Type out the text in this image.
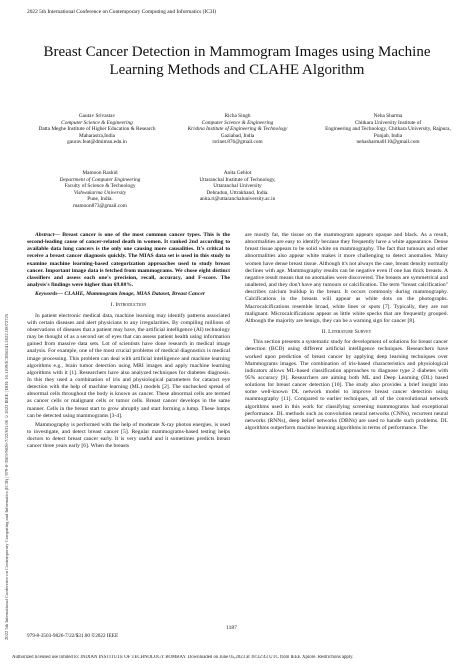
2022 5th International Conference on Contemporary Computing and Informatics (IC3I)
2022 5th International Conference on Contemporary Computing and Informatics (IC3I) | 979-8-3503-9826-7/22/$31.00 ©2022 IEEE | DOI: 10.1109/IC3I56241.2022.10072725
Breast Cancer Detection in Mammogram Images using Machine Learning Methods and CLAHE Algorithm
Gautav Srivastav
Computer Science & Engineering
Datta Meghe Institute of Higher Education & Research
Maharastra,India
gaurav.feat@dmimsu.edu.in
Richa Singh
Computer Science & Engineering
Krishna Institute of Engineering & Technology
Gaziabad, India
rsrinet.876@gmail.com
Neha Sharma
Chitkara University Institute of
Engineering and Technology, Chitkara University, Rajpura, Punjab, India
nehasharma0110@gmail.com
Mamoon Rashid
Department of Computer Engineering
Faculty of Science & Technology
Vishwakarma University
Pune, India.
mamoon873@gmail.com
Anita Gehlot
Uttaranchal Institute of Technology,
Uttaranchal University
Dehradun, Uttrakhand, India.
anita.ri@uttaranchaluniversity.ac.in

Abstract— Breast cancer is one of the most common cancer types. This is the second-leading cause of cancer-related death in women. It ranked 2nd according to available data lung cancers is the only one causing more causalities. It's critical to receive a breast cancer diagnosis quickly. The MIAS data set is used in this study to examine machine learning-based categorization approaches used to study breast cancer. Important image data is fetched from mammograms. We chose eight distinct classifiers and assess each one's precision, recall, accuracy, and F-score. The analysis's findings were higher than 69.88%.

Keywords— CLAHE, Mammogram Image, MIAS Dataset, Breast Cancer

I. Introduction

In patient electronic medical data, machine learning may identify patterns associated with certain diseases and alert physicians to any irregularities. By compiling millions of observations of diseases that a patient may have, the artificial intelligence (AI) technology may be thought of as a second set of eyes that can assess patient health using information gained from massive data sets. Lot of scientists have done research in medical image analysis. For example, one of the most crucial problems of medical diagnostics is medical image processing. This problem can deal with artificial intelligence and machine learning algorithms e.g., brain tumor detection using MRI images and apply machine learning algorithms with it [1]. Researchers have also analyzed techniques for diabetes diagnosis. In this they used a combination of iris and physiological parameters for cataract eye detection with the help of machine learning (ML) models [2]. The unchecked spread of abnormal cells throughout the body is known as cancer. These abnormal cells are termed as cancer cells or malignant cells or tumor cells. Breast cancer develops in the same manner. Cells in the breast start to grow abruptly and start forming a lump. These lumps can be detected using mammograms [3-4].

Mammography is performed with the help of moderate X-ray photon energies, is used to investigate, and detect breast cancer [5]. Regular mammograms-based testing helps doctors to detect breast cancer early. It is very useful and it sometimes predicts breast cancer three years early [6]. When the breasts

are mostly fat, the tissue on the mammogram appears opaque and black. As a result, abnormalities are easy to identify because they frequently have a white appearance. Dense breast tissue appears to be solid white on mammography. The fact that tumours and other abnormalities also appear white makes it more challenging to detect anomalies. Many women have dense breast tissue. Although it's not always the case, breast density normally declines with age. Mammography results can be negative even if one has thick breasts. A negative result means that no anomalies were discovered. The breasts are symmetrical and unaltered, and they don't have any tumours or calcification. The term "breast calcification" describes calcium buildup in the breast. It occurs commonly during mammography. Calcifications in the breasts will appear as white dots on the photographs. Macrocalcifications resemble broad, white lines or spots [7]. Typically, they are not malignant. Microcalcifications appear as little white specks that are frequently grouped. Although the majority are benign, they can be a warning sign for cancer [8].

II. Literature Survey

This section presents a systematic study for development of solutions for breast cancer detection (BCD) using different artificial intelligence techniques. Researchers have worked upon prediction of breast cancer by applying deep learning techniques over Mammograms images. The combination of iris-based characteristics and physiological indicators allows ML-based classification approaches to diagnose type 2 diabetes with 95% accuracy [9]. Researchers are aiming both ML and Deep Learning (DL) based solutions for breast cancer detection [10]. The study also provides a brief insight into some well-known DL network model to improve breast cancer detection using mammography [11]. Compared to earlier techniques, all of the convolutional network algorithms used in this work for classifying screening mammograms had exceptional performance. DL methods such as convolution neural networks (CNNs), recurrent neural networks (RNNs), deep belief networks (DBNs) are used to handle such problems. DL algorithms outperform machine learning algorithms in terms of performance. The

1187
979-8-3503-9826-7/22/$31.00 ©2022 IEEE
Authorized licensed use limited to: INDIAN INSTITUTE OF TECHNOLOGY BOMBAY. Downloaded on June 05,2023 at 18:32:43 UTC from IEEE Xplore. Restrictions apply.
